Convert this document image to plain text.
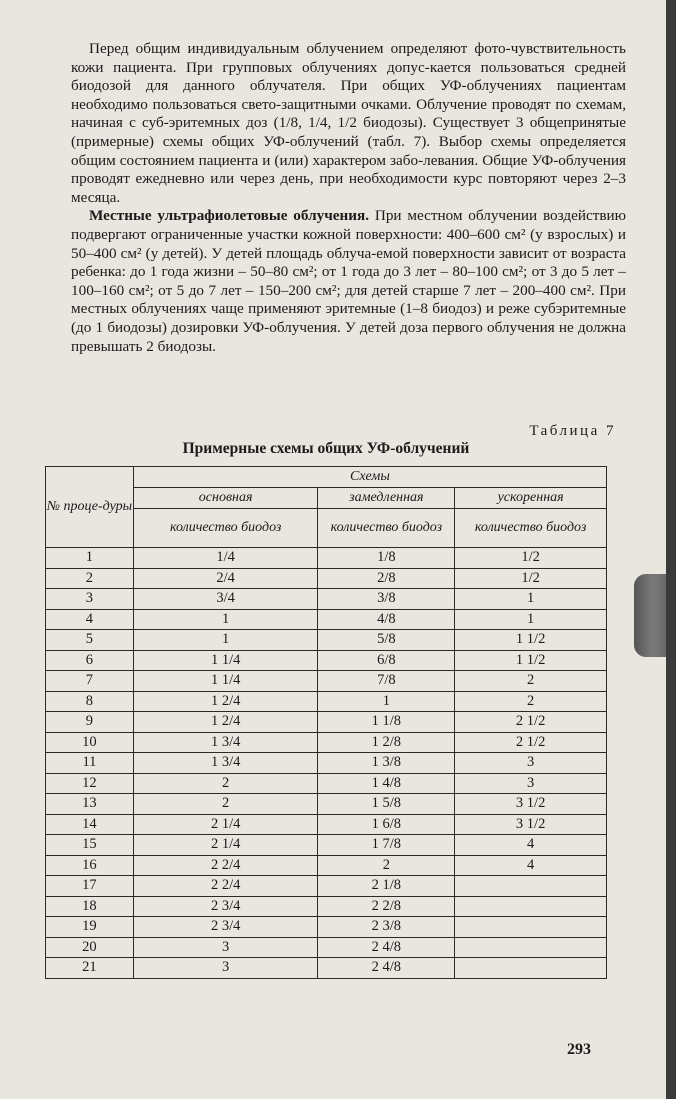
Перед общим индивидуальным облучением определяют фото-чувствительность кожи пациента. При групповых облучениях допус-кается пользоваться средней биодозой для данного облучателя. При общих УФ-облучениях пациентам необходимо пользоваться свето-защитными очками. Облучение проводят по схемам, начиная с суб-эритемных доз (1/8, 1/4, 1/2 биодозы). Существует 3 общепринятые (примерные) схемы общих УФ-облучений (табл. 7). Выбор схемы определяется общим состоянием пациента и (или) характером забо-левания. Общие УФ-облучения проводят ежедневно или через день, при необходимости курс повторяют через 2–3 месяца.

Местные ультрафиолетовые облучения. При местном облучении воздействию подвергают ограниченные участки кожной поверхности: 400–600 см² (у взрослых) и 50–400 см² (у детей). У детей площадь облуча-емой поверхности зависит от возраста ребенка: до 1 года жизни – 50–80 см²; от 1 года до 3 лет – 80–100 см²; от 3 до 5 лет – 100–160 см²; от 5 до 7 лет – 150–200 см²; для детей старше 7 лет – 200–400 см². При местных облучениях чаще применяют эритемные (1–8 биодоз) и реже субэритемные (до 1 биодозы) дозировки УФ-облучения. У детей доза первого облучения не должна превышать 2 биодозы.

Таблица 7
Примерные схемы общих УФ-облучений
№ проце-дуры	Схемы		
	основная	замедленная	ускоренная
	количество биодоз	количество биодоз	количество биодоз
1	1/4	1/8	1/2
2	2/4	2/8	1/2
3	3/4	3/8	1
4	1	4/8	1
5	1	5/8	1 1/2
6	1 1/4	6/8	1 1/2
7	1 1/4	7/8	2
8	1 2/4	1	2
9	1 2/4	1 1/8	2 1/2
10	1 3/4	1 2/8	2 1/2
11	1 3/4	1 3/8	3
12	2	1 4/8	3
13	2	1 5/8	3 1/2
14	2 1/4	1 6/8	3 1/2
15	2 1/4	1 7/8	4
16	2 2/4	2	4
17	2 2/4	2 1/8	
18	2 3/4	2 2/8	
19	2 3/4	2 3/8	
20	3	2 4/8	
21	3	2 4/8	
293
